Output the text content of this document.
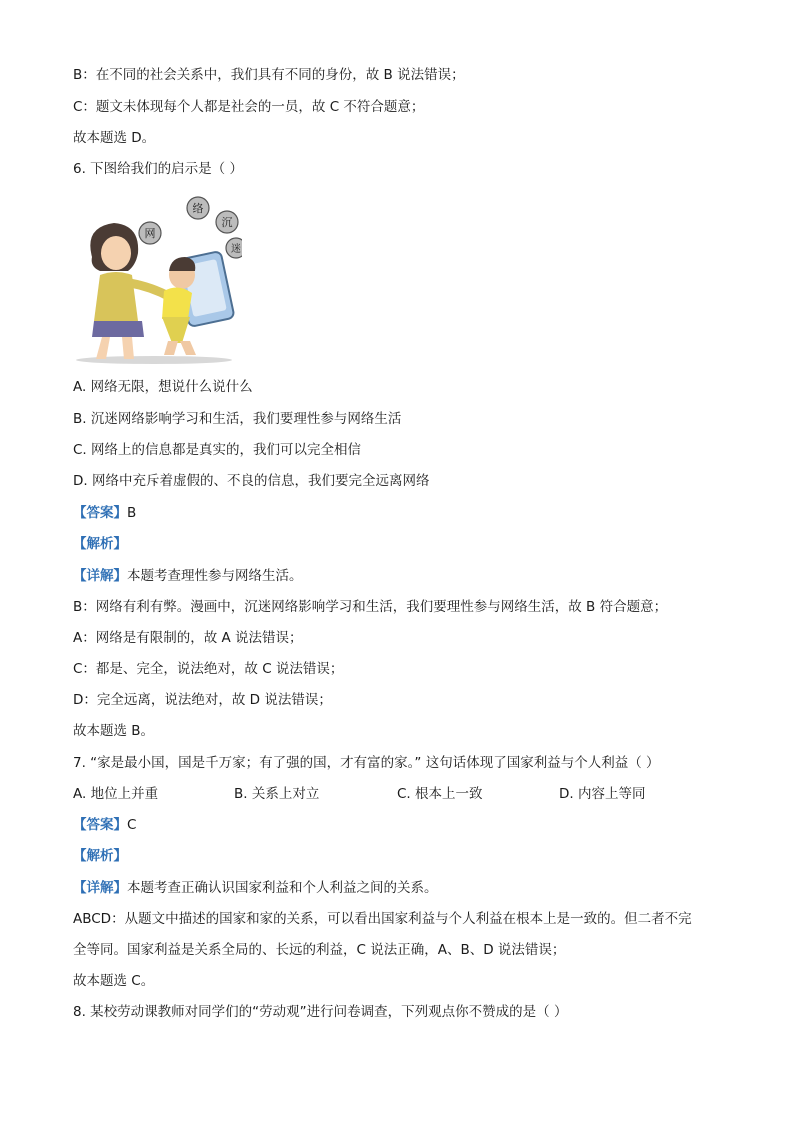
B：在不同的社会关系中，我们具有不同的身份，故 B 说法错误；
C：题文未体现每个人都是社会的一员，故 C 不符合题意；
故本题选 D。
6. 下图给我们的启示是（ ）
网
络
沉
迷
A. 网络无限，想说什么说什么
B. 沉迷网络影响学习和生活，我们要理性参与网络生活
C. 网络上的信息都是真实的，我们可以完全相信
D. 网络中充斥着虚假的、不良的信息，我们要完全远离网络
【答案】B
【解析】
【详解】本题考查理性参与网络生活。
B：网络有利有弊。漫画中，沉迷网络影响学习和生活，我们要理性参与网络生活，故 B 符合题意；
A：网络是有限制的，故 A 说法错误；
C：都是、完全，说法绝对，故 C 说法错误；
D：完全远离，说法绝对，故 D 说法错误；
故本题选 B。
7. “家是最小国，国是千万家；有了强的国，才有富的家。” 这句话体现了国家利益与个人利益（ ）
A. 地位上并重	B. 关系上对立	C. 根本上一致	D. 内容上等同
【答案】C
【解析】
【详解】本题考查正确认识国家利益和个人利益之间的关系。
ABCD：从题文中描述的国家和家的关系，可以看出国家利益与个人利益在根本上是一致的。但二者不完
全等同。国家利益是关系全局的、长远的利益，C 说法正确，A、B、D 说法错误；
故本题选 C。
8. 某校劳动课教师对同学们的“劳动观”进行问卷调查，下列观点你不赞成的是（ ）
